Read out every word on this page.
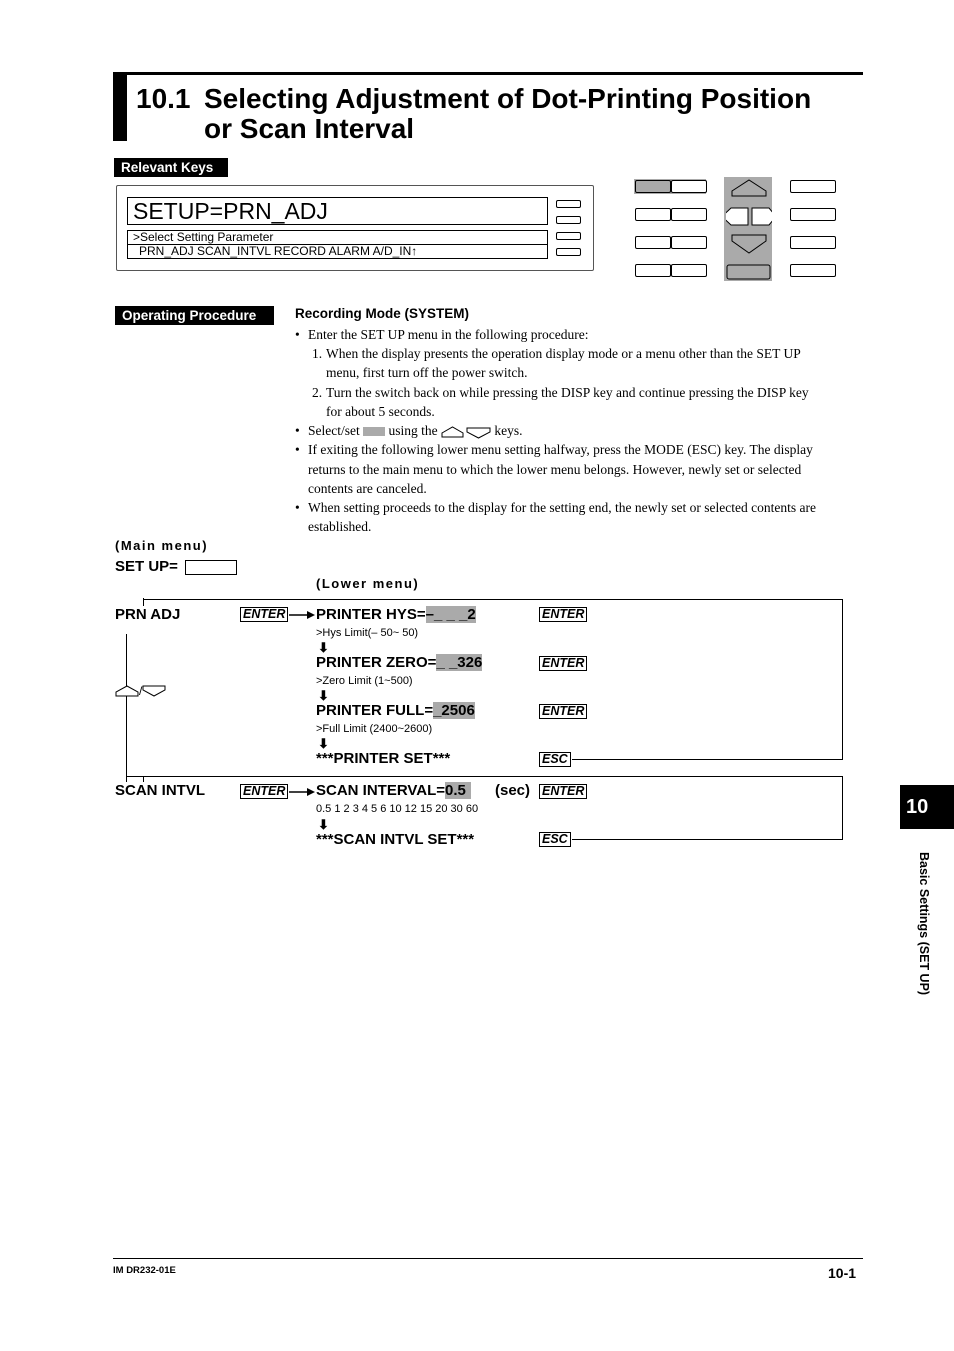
10.1 Selecting Adjustment of Dot-Printing Position
or Scan Interval
Relevant Keys
SETUP=PRN_ADJ
>Select Setting Parameter
PRN_ADJ SCAN_INTVL RECORD ALARM A/D_IN↑
Operating Procedure	Recording Mode (SYSTEM)
• Enter the SET UP menu in the following procedure:
1. When the display presents the operation display mode or a menu other than the SET UP
menu, first turn off the power switch.
2. Turn the switch back on while pressing the DISP key and continue pressing the DISP key
for about 5 seconds.
• Select/set using the	keys.
• If exiting the following lower menu setting halfway, press the MODE (ESC) key. The display
returns to the main menu to which the lower menu belongs. However, newly set or selected
contents are canceled.
• When setting proceeds to the display for the setting end, the newly set or selected contents are
established.
(Main menu)
SET UP=
(Lower menu)
PRN ADJ	ENTER PRINTER HYS=–_ _ _2	ENTER
>Hys Limit(– 50~ 50)
⬇
PRINTER ZERO=_ _326	ENTER
>Zero Limit (1~500)
⬇
/
PRINTER FULL=_2506	ENTER
>Full Limit (2400~2600)
⬇
***PRINTER SET***	ESC
SCAN INTVL	ENTER SCAN INTERVAL=0.5	(sec) ENTER
0.5 1 2 3 4 5 6 10 12 15 20 30 60
⬇
***SCAN INTVL SET***	ESC
10
Basic Settings (SET UP)
IM DR232-01E	10-1
